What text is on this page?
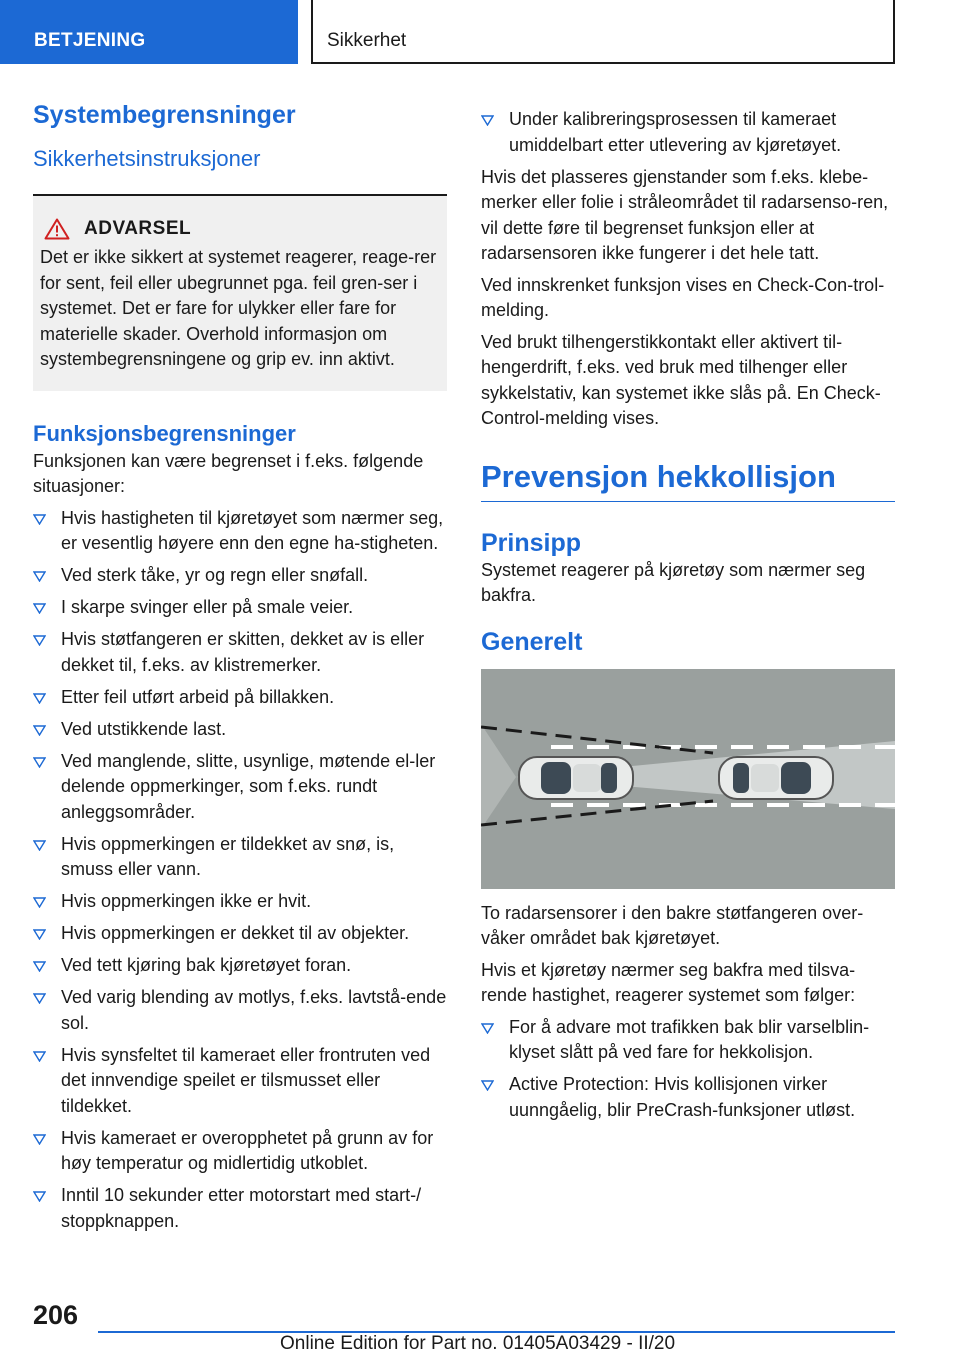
BETJENING	Sikkerhet
Systembegrensninger
Sikkerhetsinstruksjoner
ADVARSEL
Det er ikke sikkert at systemet reagerer, reage-rer for sent, feil eller ubegrunnet pga. feil gren-ser i systemet. Det er fare for ulykker eller fare for materielle skader. Overhold informasjon om systembegrensningene og grip ev. inn aktivt.
Funksjonsbegrensninger

Funksjonen kan være begrenset i f.eks. følgende situasjoner:

Hvis hastigheten til kjøretøyet som nærmer seg, er vesentlig høyere enn den egne ha-stigheten.
Ved sterk tåke, yr og regn eller snøfall.
I skarpe svinger eller på smale veier.
Hvis støtfangeren er skitten, dekket av is eller dekket til, f.eks. av klistremerker.
Etter feil utført arbeid på billakken.
Ved utstikkende last.
Ved manglende, slitte, usynlige, møtende el-ler delende oppmerkinger, som f.eks. rundt anleggsområder.
Hvis oppmerkingen er tildekket av snø, is, smuss eller vann.
Hvis oppmerkingen ikke er hvit.
Hvis oppmerkingen er dekket til av objekter.
Ved tett kjøring bak kjøretøyet foran.
Ved varig blending av motlys, f.eks. lavtstå-ende sol.
Hvis synsfeltet til kameraet eller frontruten ved det innvendige speilet er tilsmusset eller tildekket.
Hvis kameraet er overopphetet på grunn av for høy temperatur og midlertidig utkoblet.
Inntil 10 sekunder etter motorstart med start-/ stoppknappen.
Under kalibreringsprosessen til kameraet umiddelbart etter utlevering av kjøretøyet.

Hvis det plasseres gjenstander som f.eks. klebe-merker eller folie i stråleområdet til radarsenso-ren, vil dette føre til begrenset funksjon eller at radarsensoren ikke fungerer i det hele tatt.

Ved innskrenket funksjon vises en Check-Con-trol-melding.

Ved brukt tilhengerstikkontakt eller aktivert til-hengerdrift, f.eks. ved bruk med tilhenger eller sykkelstativ, kan systemet ikke slås på. En Check-Control-melding vises.

Prevensjon hekkollisjon
Prinsipp

Systemet reagerer på kjøretøy som nærmer seg bakfra.

Generelt

To radarsensorer i den bakre støtfangeren over-våker området bak kjøretøyet.

Hvis et kjøretøy nærmer seg bakfra med tilsva-rende hastighet, reagerer systemet som følger:

For å advare mot trafikken bak blir varselblin-klyset slått på ved fare for hekkolisjon.
Active Protection: Hvis kollisjonen virker uunngåelig, blir PreCrash-funksjoner utløst.
206
Online Edition for Part no. 01405A03429 - II/20
